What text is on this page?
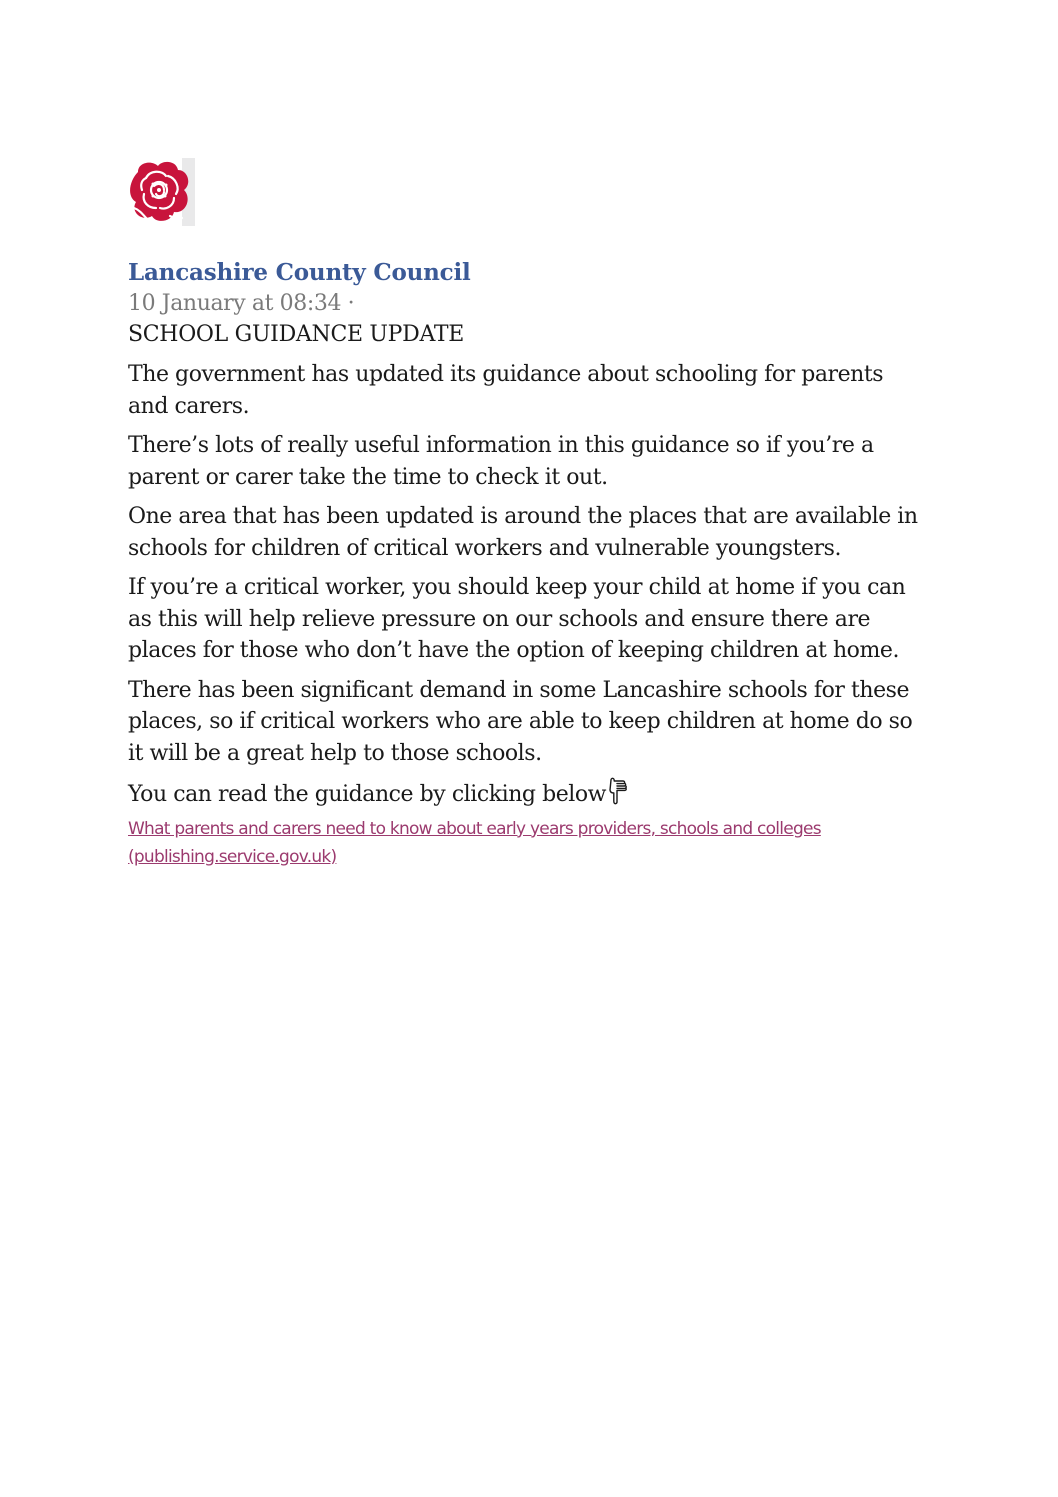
Lancashire County Council

10 January at 08:34 ·

SCHOOL GUIDANCE UPDATE

The government has updated its guidance about schooling for parents and carers.

There’s lots of really useful information in this guidance so if you’re a parent or carer take the time to check it out.

One area that has been updated is around the places that are available in schools for children of critical workers and vulnerable youngsters.

If you’re a critical worker, you should keep your child at home if you can as this will help relieve pressure on our schools and ensure there are places for those who don’t have the option of keeping children at home.

There has been significant demand in some Lancashire schools for these places, so if critical workers who are able to keep children at home do so it will be a great help to those schools.

You can read the guidance by clicking below

What parents and carers need to know about early years providers, schools and colleges (publishing.service.gov.uk)
